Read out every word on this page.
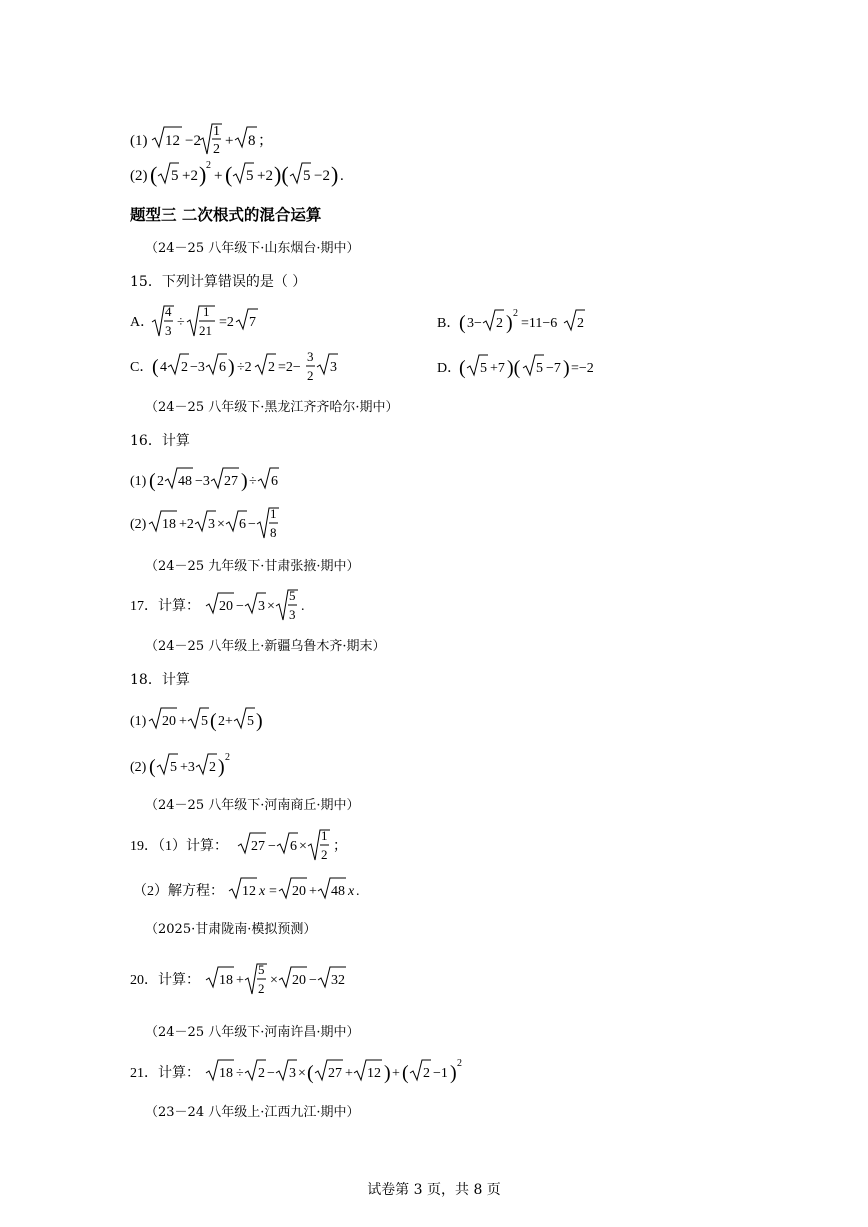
(1) 12 −2
1
2
+ 8 ；
(2) ( 5 +2 ) 2
+ ( 5 +2 )( 5 −2 ) .
题型三 二次根式的混合运算
（24－25 八年级下·山东烟台·期中）
15．下列计算错误的是（ ）
A．
4
3
÷
1
21
=2 7	B．
( 3− 2 ) 2
=11−6 2
C．
( 4 2 −3 6 ) ÷2 2 =2−
3
2
3	D．
( 5 +7 )( 5 −7 ) =−2
（24－25 八年级下·黑龙江齐齐哈尔·期中）
16．计算
(1) ( 2 48 −3 27 ) ÷ 6
(2) 18 +2 3 × 6 −
1
8
（24－25 九年级下·甘肃张掖·期中）
17．计算： 20 − 3 ×
5
3
.
（24－25 八年级上·新疆乌鲁木齐·期末）
18．计算
(1) 20 + 5 ( 2+ 5 )
(2) ( 5 +3 2 ) 2
（24－25 八年级下·河南商丘·期中）
19．（1）计算： 27 − 6 ×
1
2
；
（2）解方程： 12 x = 20 + 48 x .
（2025·甘肃陇南·模拟预测）
20．计算： 18 +
5
2
× 20 − 32
（24－25 八年级下·河南许昌·期中）
21．计算： 18 ÷ 2 − 3 × ( 27 + 12 ) + ( 2 −1 ) 2
（23－24 八年级上·江西九江·期中）
试卷第 3 页，共 8 页
